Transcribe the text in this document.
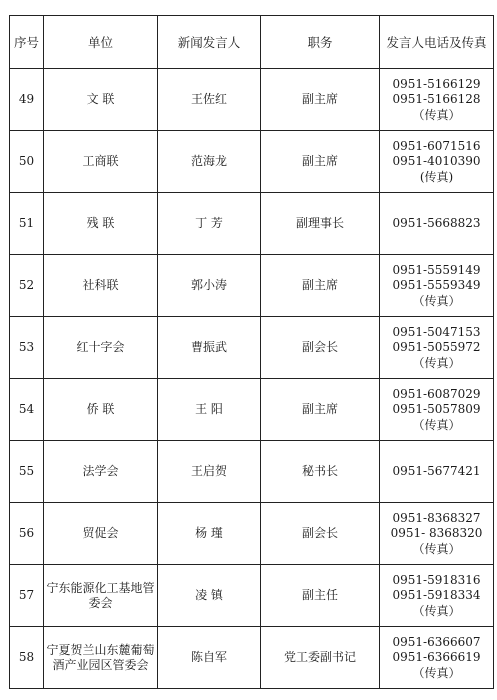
序号	单位	新闻发言人	职务	发言人电话及传真
49	文 联	王佐红	副主席	0951-5166129
0951-5166128
（传真）

50	工商联	范海龙	副主席	0951-6071516
0951-4010390
(传真)

51	残 联	丁 芳	副理事长	0951-5668823

52	社科联	郭小涛	副主席	0951-5559149
0951-5559349
（传真）

53	红十字会	曹振武	副会长	0951-5047153
0951-5055972
（传真）

54	侨 联	王 阳	副主席	0951-6087029
0951-5057809
（传真）

55	法学会	王启贺	秘书长	0951-5677421

56	贸促会	杨 瑾	副会长	0951-8368327
0951- 8368320
（传真）

57	宁东能源化工基地管委会	凌 镇	副主任	0951-5918316
0951-5918334
（传真）

58	宁夏贺兰山东麓葡萄酒产业园区管委会	陈自军	党工委副书记	0951-6366607
0951-6366619
（传真）
